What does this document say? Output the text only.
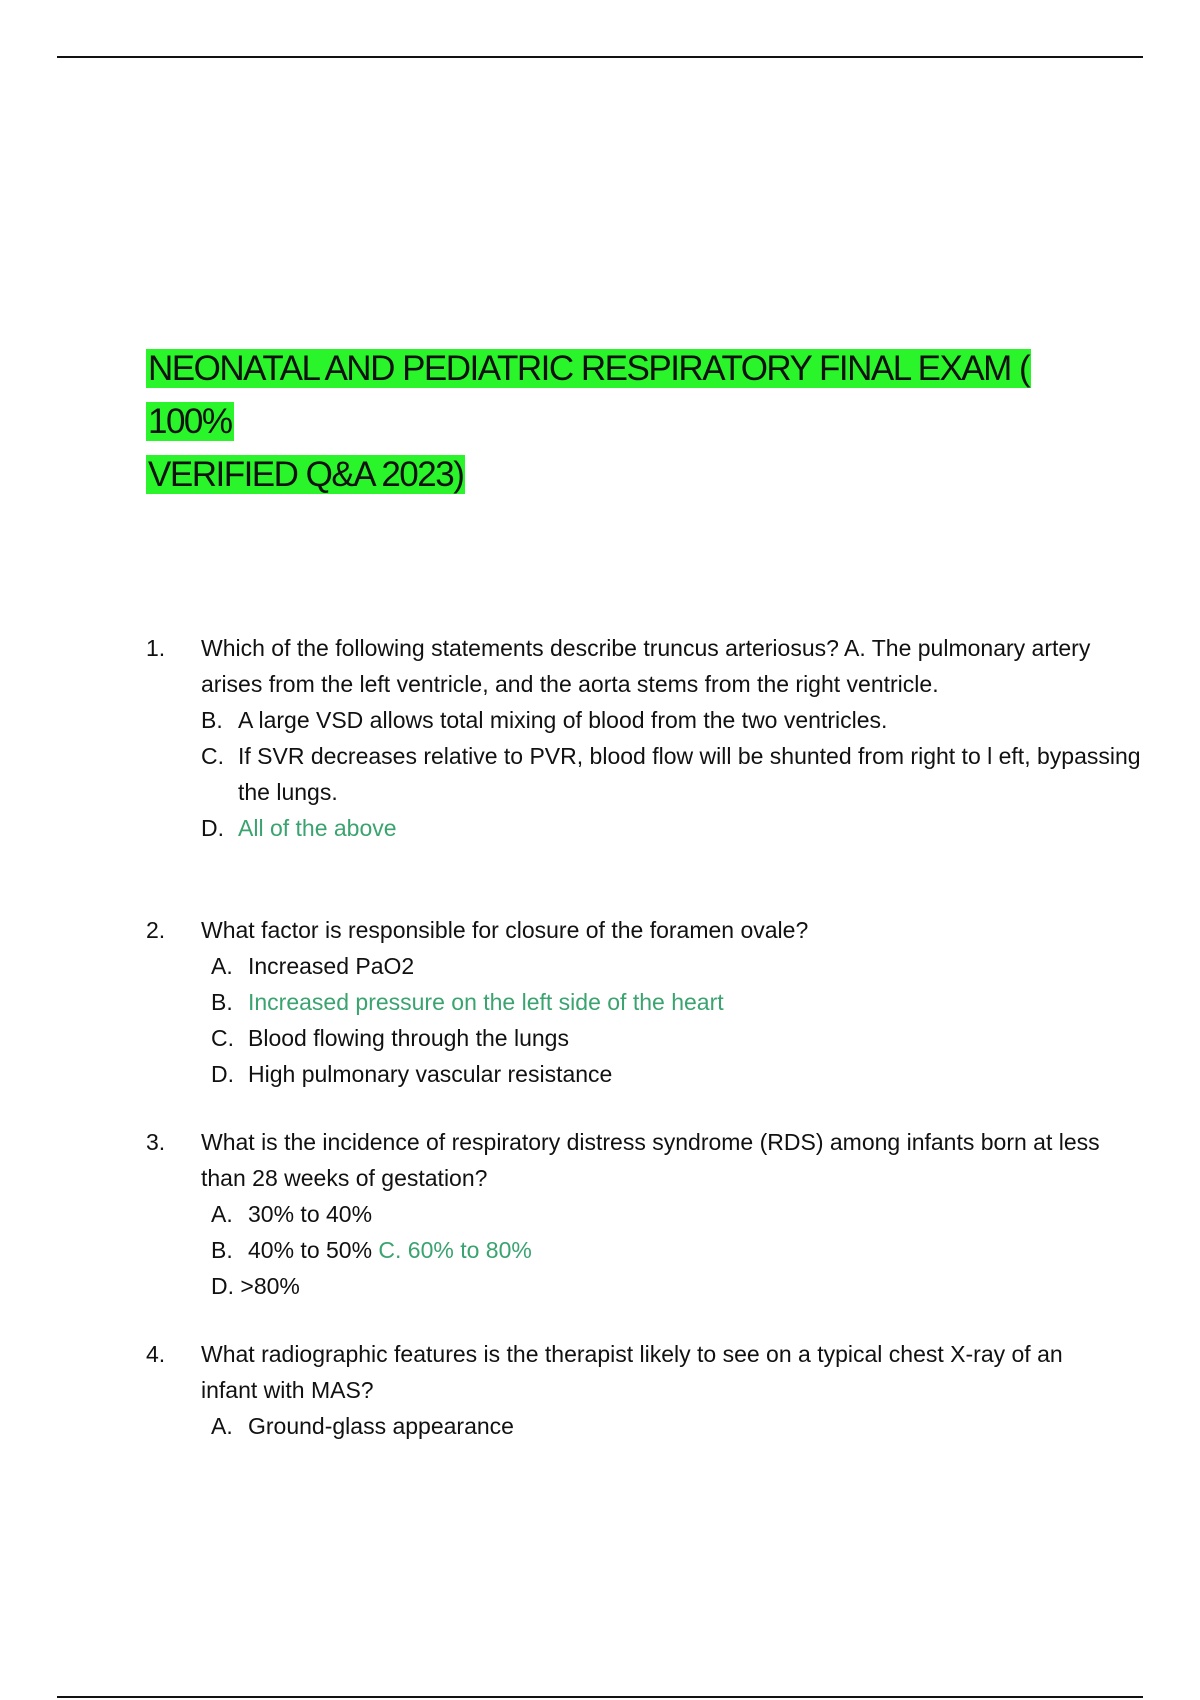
NEONATAL AND PEDIATRIC RESPIRATORY FINAL EXAM ( 100%
VERIFIED Q&A 2023)
1.	Which of the following statements describe truncus arteriosus? A. The pulmonary artery arises from the left ventricle, and the aorta stems from the right ventricle.
B. A large VSD allows total mixing of blood from the two ventricles.
C. If SVR decreases relative to PVR, blood flow will be shunted from right to l eft, bypassing the lungs.
D. All of the above
2.	What factor is responsible for closure of the foramen ovale?
A. Increased PaO2
B. Increased pressure on the left side of the heart
C. Blood flowing through the lungs
D. High pulmonary vascular resistance
3.	What is the incidence of respiratory distress syndrome (RDS) among infants born at less than 28 weeks of gestation?
A. 30% to 40%
B. 40% to 50% C. 60% to 80%
D. >80%
4.	What radiographic features is the therapist likely to see on a typical chest X-ray of an infant with MAS?
A. Ground-glass appearance
